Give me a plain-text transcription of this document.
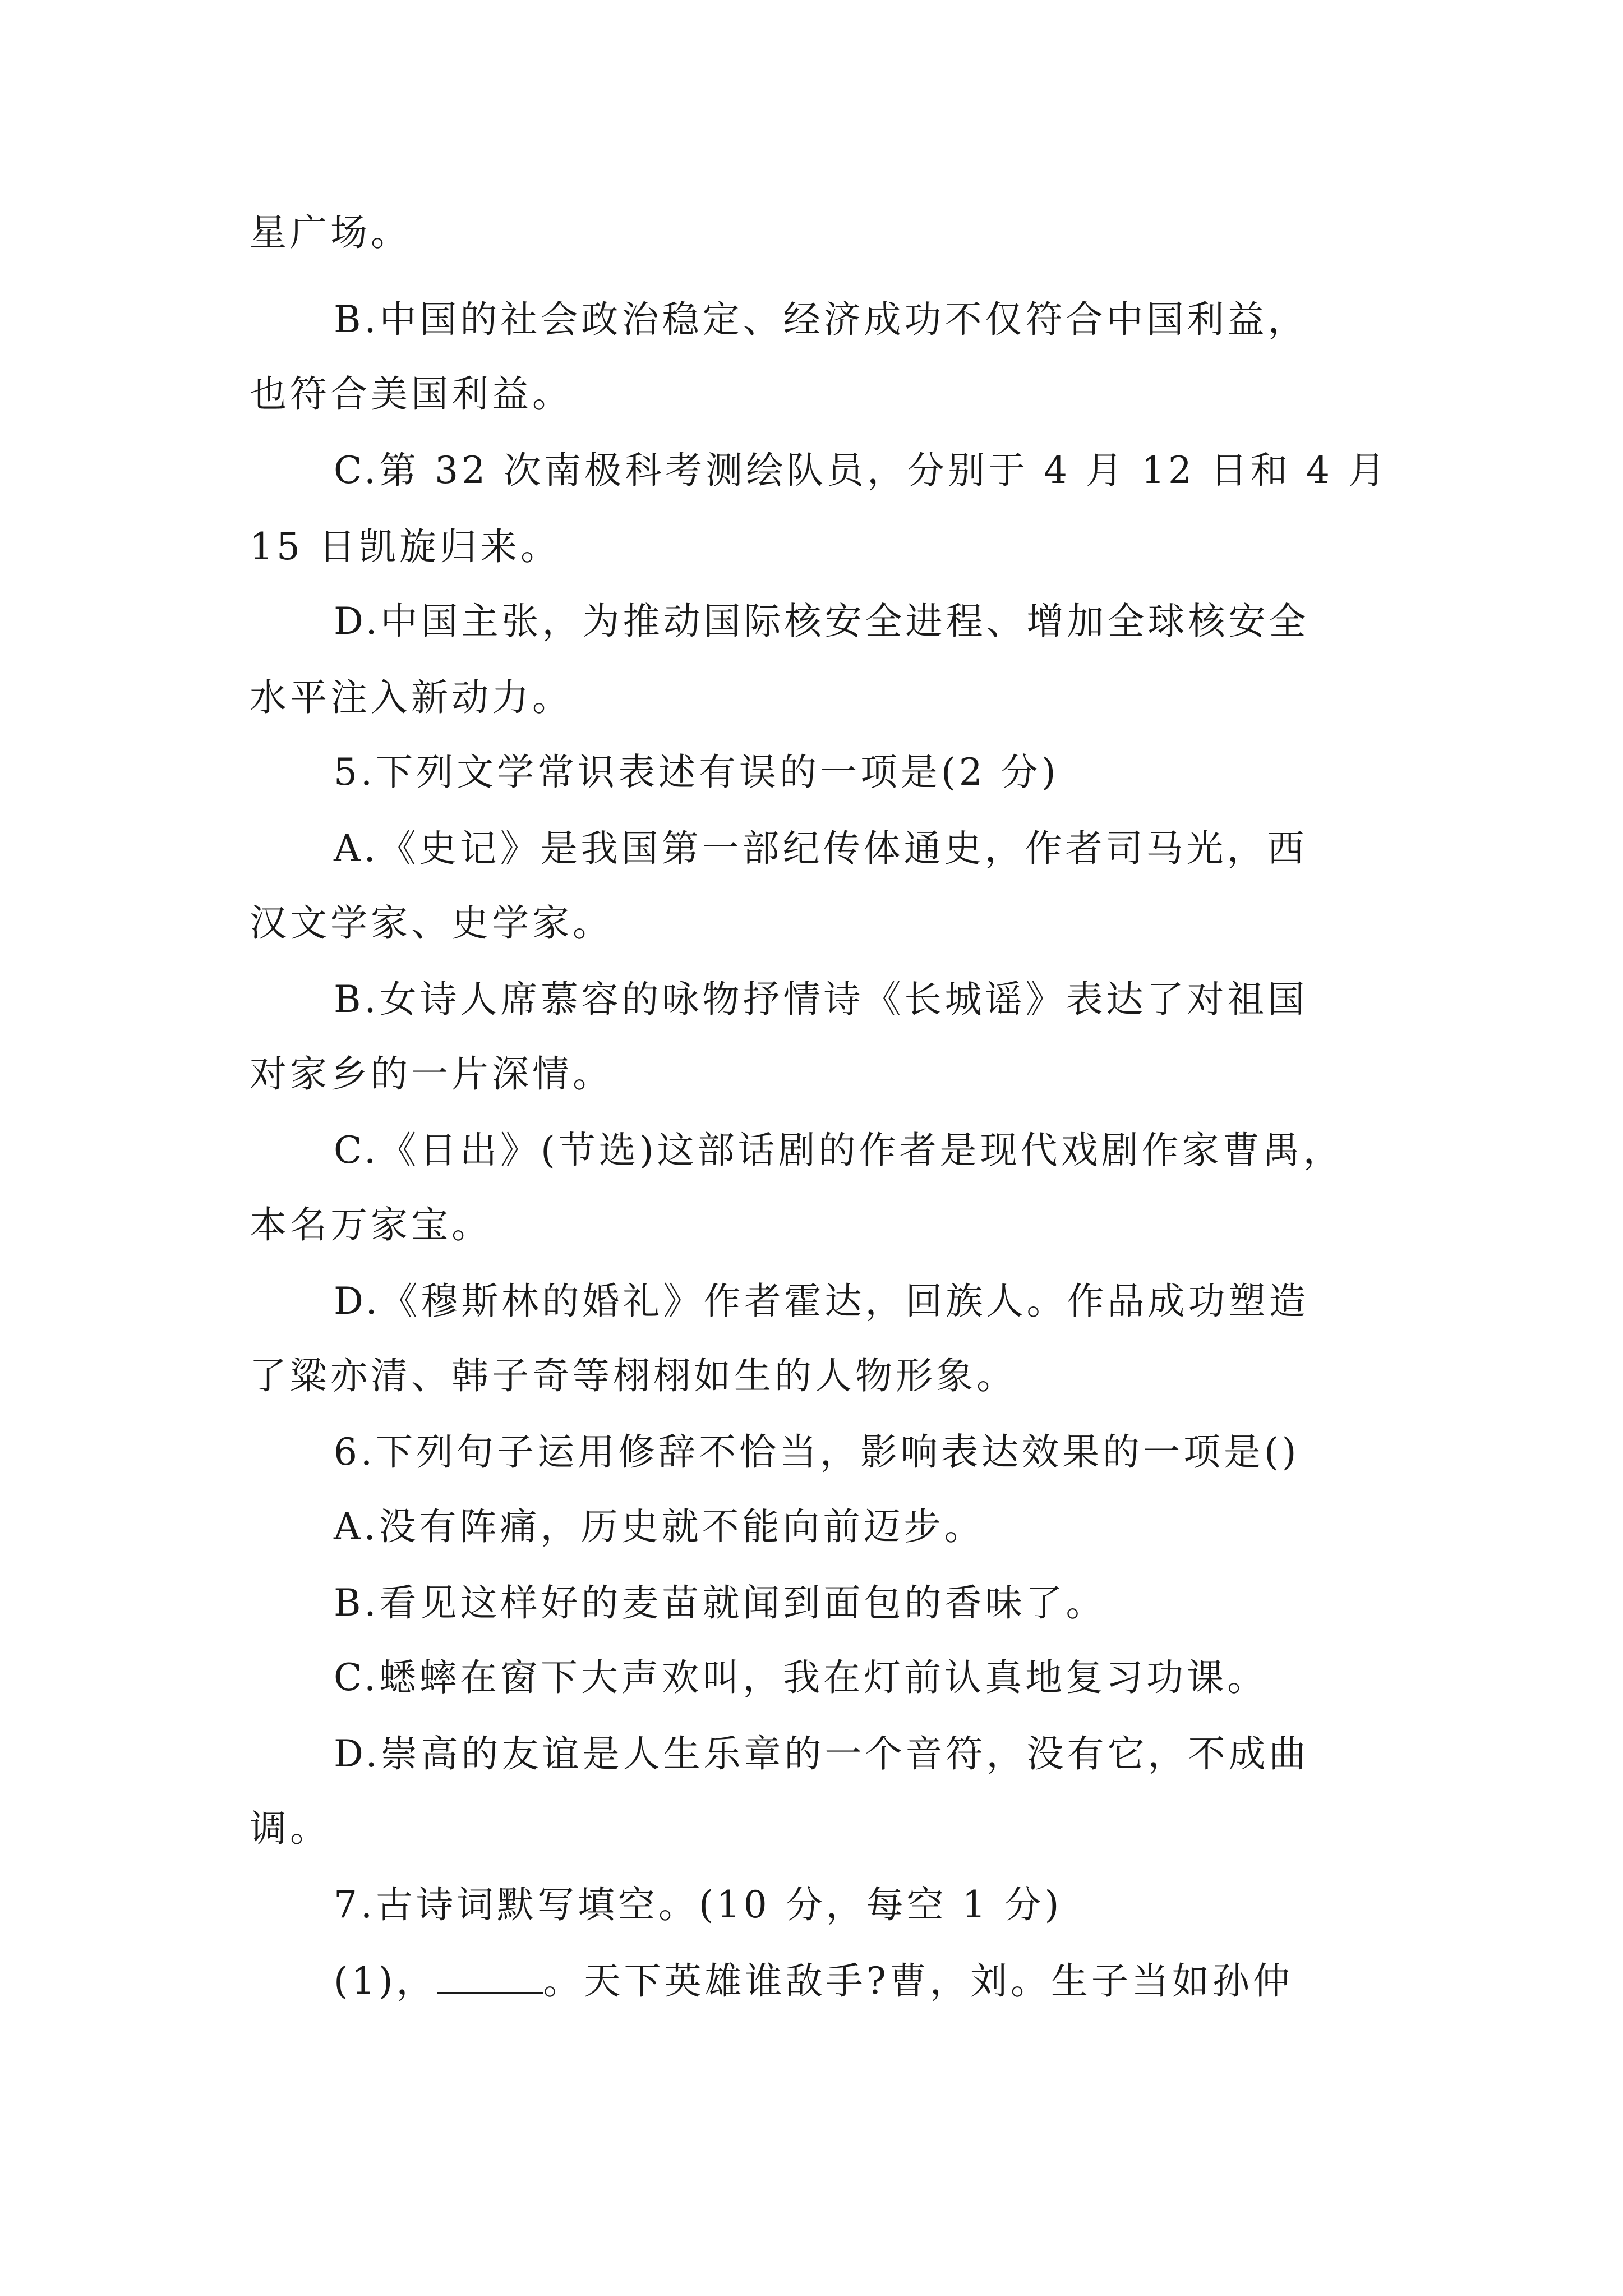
星广场。
B.中国的社会政治稳定、经济成功不仅符合中国利益，
也符合美国利益。
C.第 32 次南极科考测绘队员，分别于 4 月 12 日和 4 月
15 日凯旋归来。
D.中国主张，为推动国际核安全进程、增加全球核安全
水平注入新动力。
5.下列文学常识表述有误的一项是(2 分)
A.《史记》是我国第一部纪传体通史，作者司马光，西
汉文学家、史学家。
B.女诗人席慕容的咏物抒情诗《长城谣》表达了对祖国
对家乡的一片深情。
C.《日出》(节选)这部话剧的作者是现代戏剧作家曹禺，
本名万家宝。
D.《穆斯林的婚礼》作者霍达，回族人。作品成功塑造
了粱亦清、韩子奇等栩栩如生的人物形象。
6.下列句子运用修辞不恰当，影响表达效果的一项是()
A.没有阵痛，历史就不能向前迈步。
B.看见这样好的麦苗就闻到面包的香味了。
C.蟋蟀在窗下大声欢叫，我在灯前认真地复习功课。
D.崇高的友谊是人生乐章的一个音符，没有它，不成曲
调。
7.古诗词默写填空。(10 分，每空 1 分)
(1)，	。天下英雄谁敌手?曹，刘。生子当如孙仲
